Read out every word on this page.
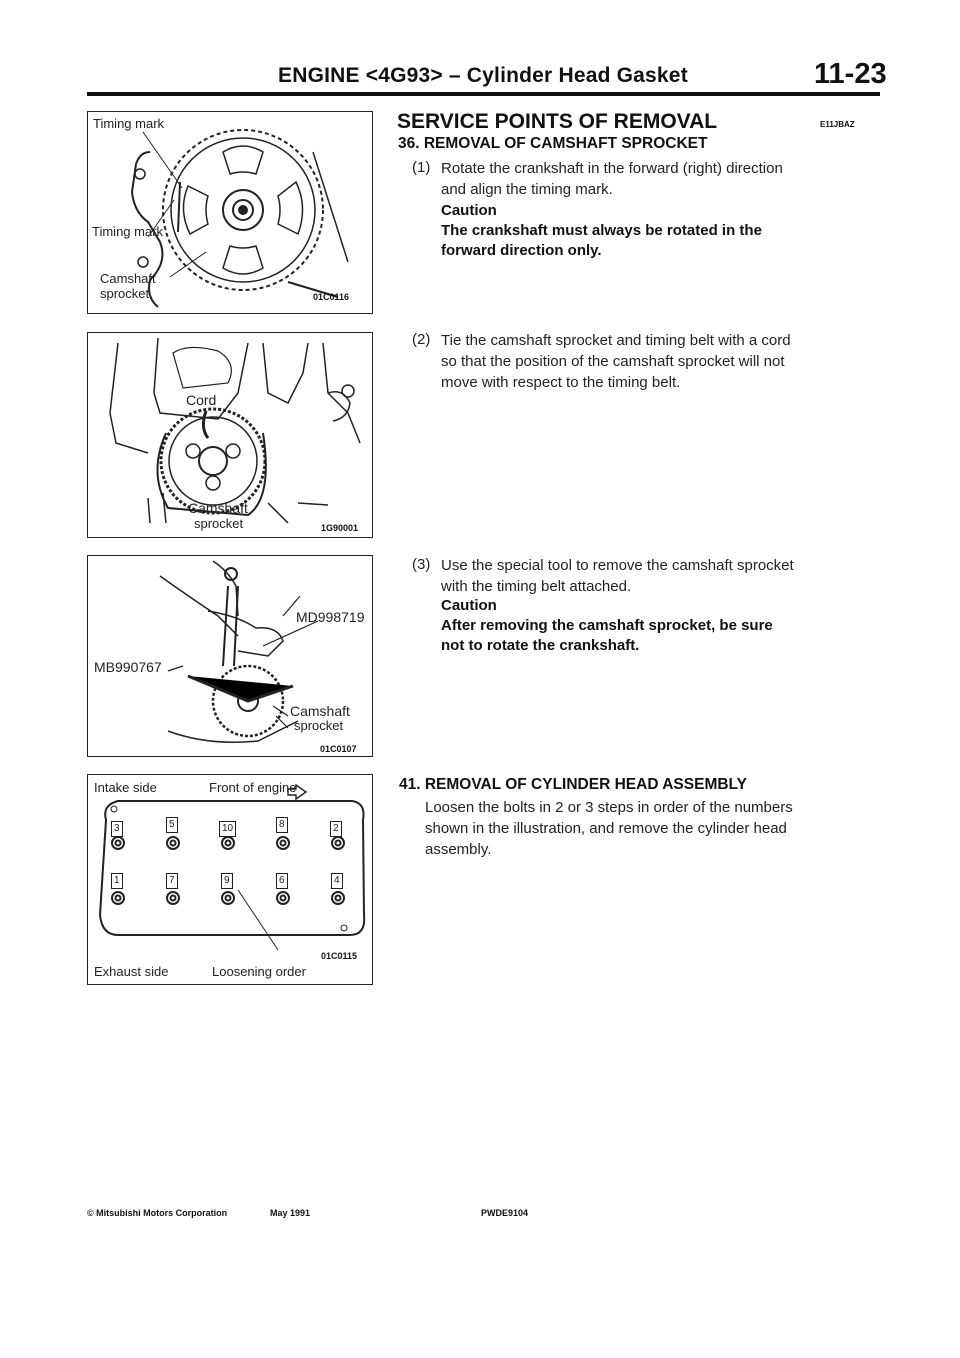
ENGINE <4G93> – Cylinder Head Gasket	11-23
Timing mark
Timing mark
Camshaft
sprocket	01C0116
Cord
Camshaft
sprocket	1G90001
MD998719
MB990767
Camshaft
sprocket
01C0107
Intake side	Front of engine
3	5	10	8	2
1	7	9	6	4
01C0115
Exhaust side	Loosening order
SERVICE POINTS OF REMOVAL	E11JBAZ
36. REMOVAL OF CAMSHAFT SPROCKET
(1) Rotate the crankshaft in the forward (right) direction
and align the timing mark.
Caution
The crankshaft must always be rotated in the
forward direction only.
(2) Tie the camshaft sprocket and timing belt with a cord
so that the position of the camshaft sprocket will not
move with respect to the timing belt.
(3) Use the special tool to remove the camshaft sprocket
with the timing belt attached.
Caution
After removing the camshaft sprocket, be sure
not to rotate the crankshaft.
41. REMOVAL OF CYLINDER HEAD ASSEMBLY
Loosen the bolts in 2 or 3 steps in order of the numbers
shown in the illustration, and remove the cylinder head
assembly.
© Mitsubishi Motors Corporation	May 1991	PWDE9104
